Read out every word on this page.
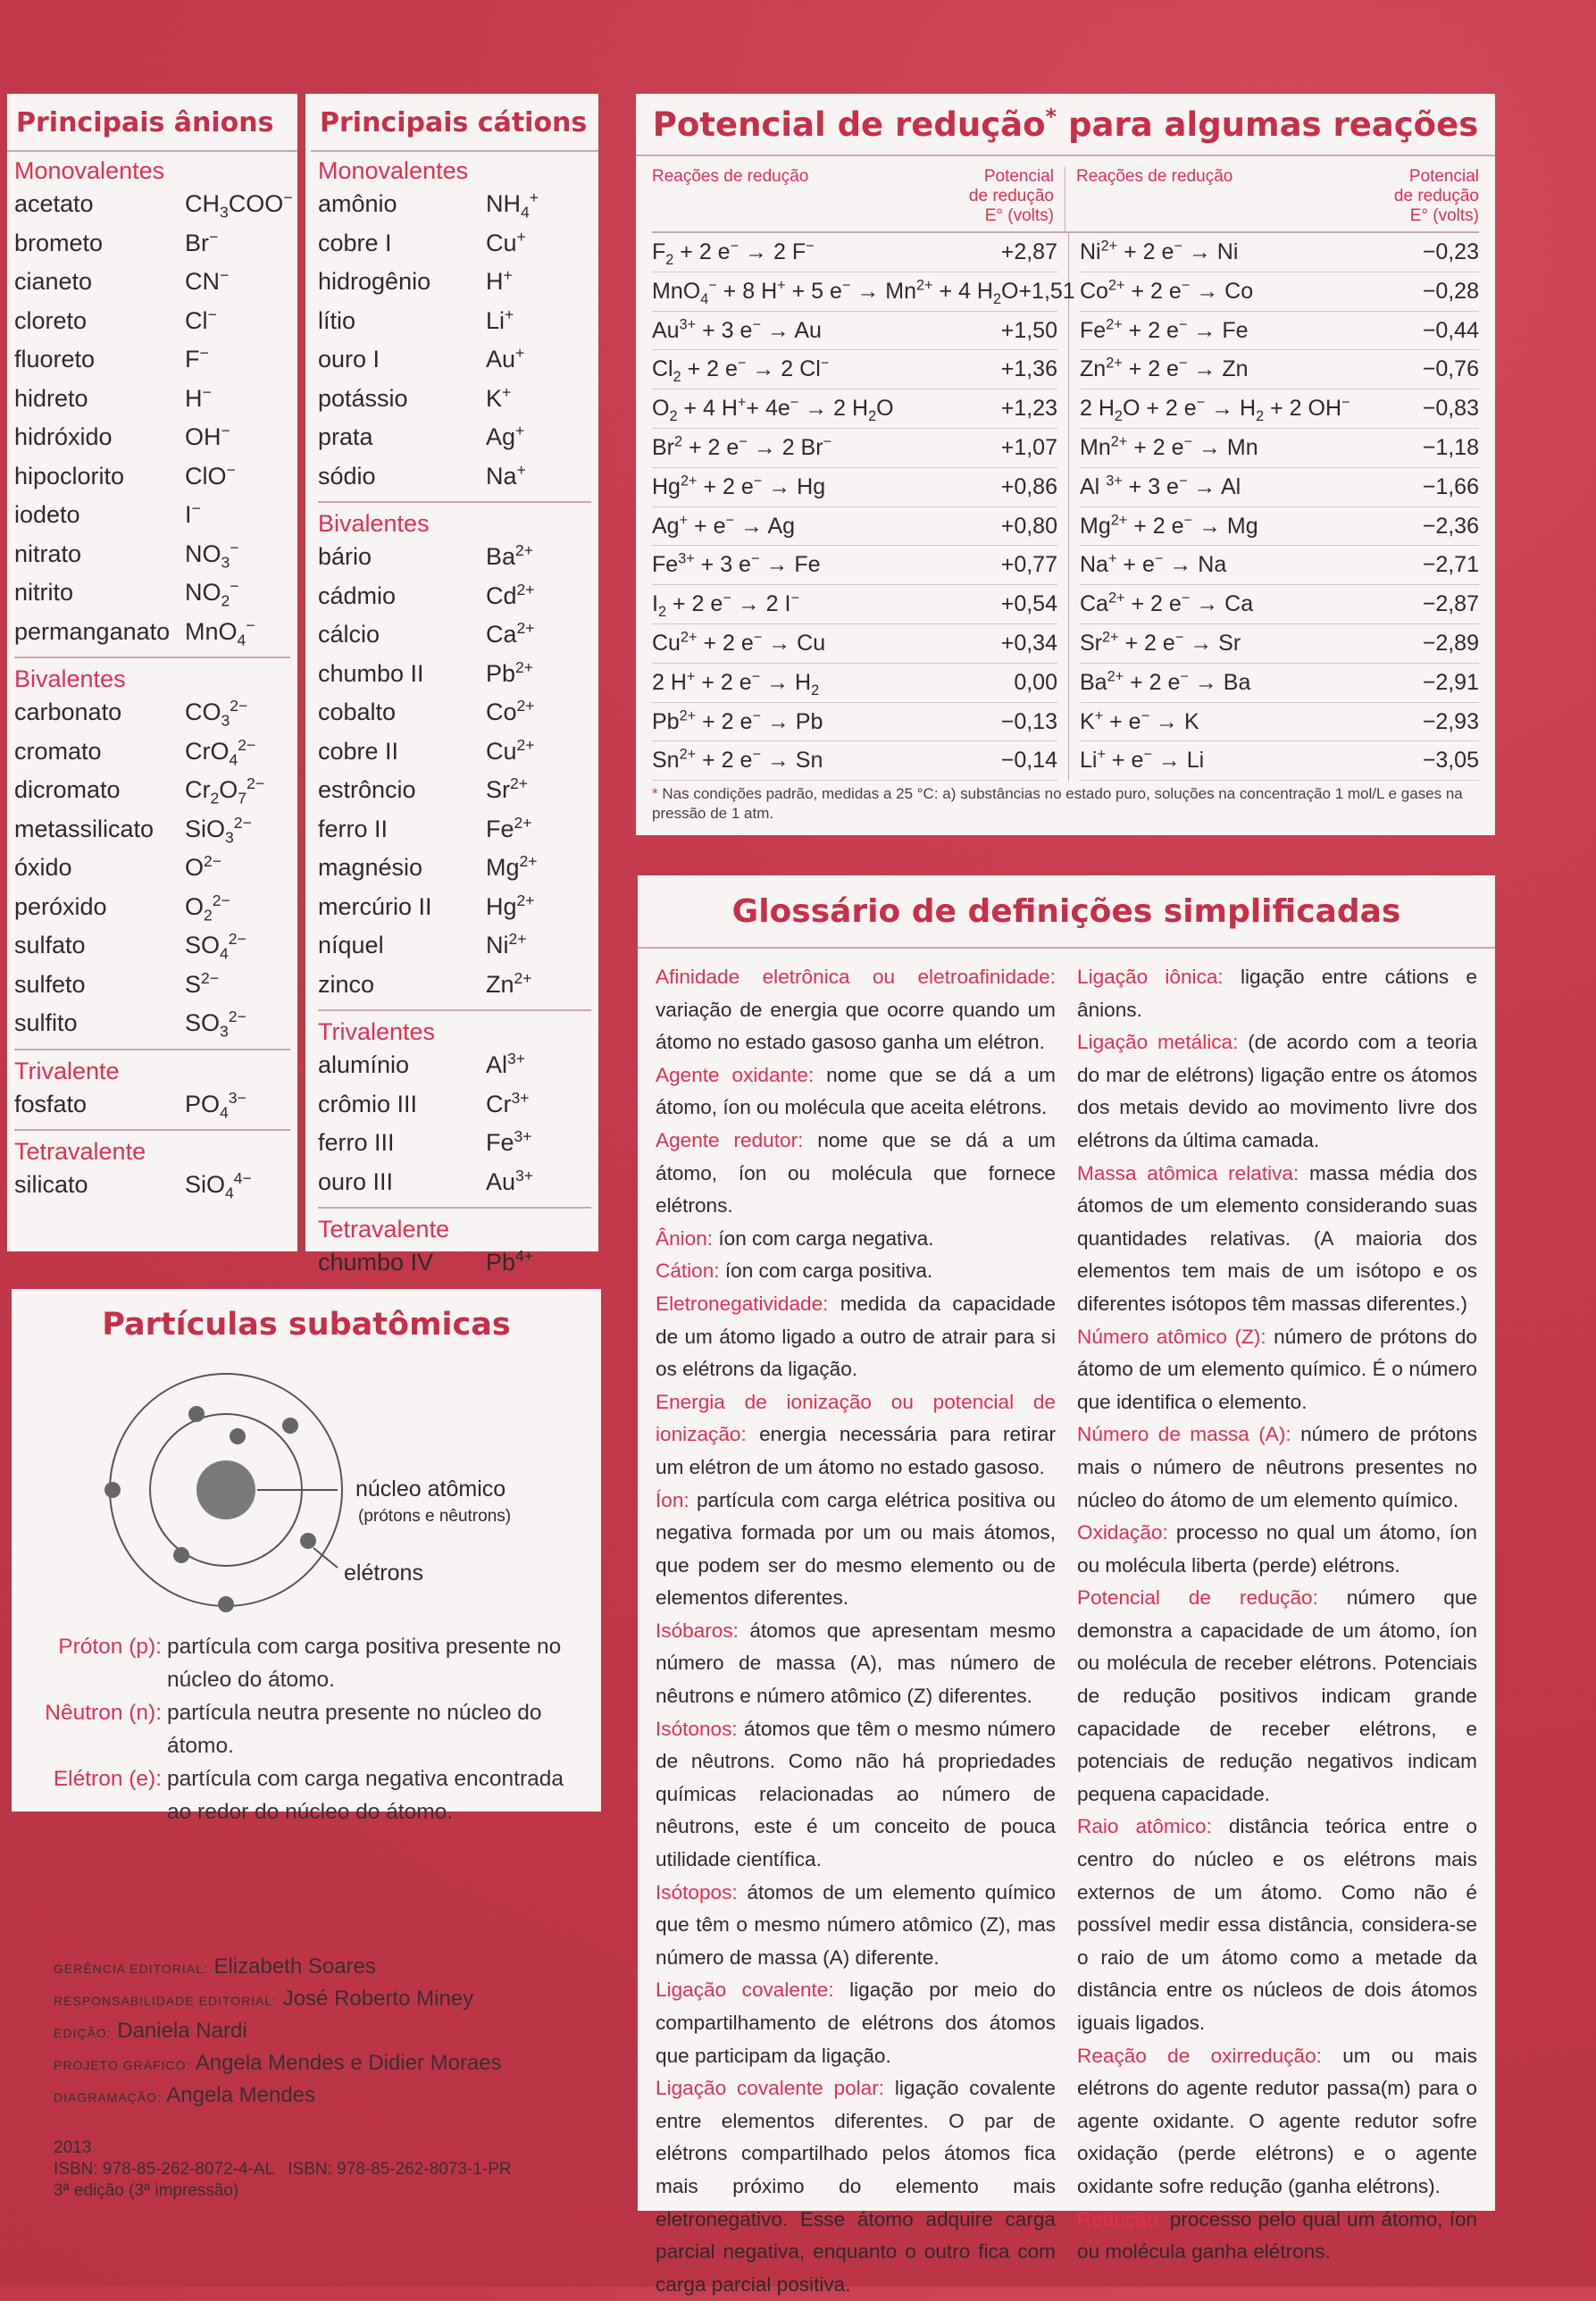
Principais ânions
Monovalentes
acetato	$CH_3COO^-$
brometo	Br−
cianeto	CN−
cloreto	Cl−
fluoreto	F−
hidreto	H−
hidróxido	OH−
hipoclorito	ClO−
iodeto	I−
nitrato	$NO_3^-$
nitrito	$NO_2^-$
permanganato MnO$_4$−
Bivalentes
carbonato	$CO_3^{2-}$
cromato	CrO$_4^{2-}$
dicromato	$Cr_2O_7^{2-}$
metassilicato SiO$_3^{2-}$
óxido	$O^{2-}$
peróxido	$O_2^{2-}$
sulfato	$SO_4^{2-}$
sulfeto	$S^{2-}$
sulfito	$SO_3^{2-}$
Trivalente
fosfato	$PO_4^{3-}$
Tetravalente
silicato	SiO$_4^{4-}$
Principais cátions
Monovalentes
amônio	$NH_4^+$
cobre I	Cu+
hidrogênio H+
lítio	Li+
ouro I	Au+
potássio	K+
prata	Ag+
sódio	Na+
Bivalentes
bário	$Ba^{2+}$
cádmio	$Cd^{2+}$
cálcio	$Ca^{2+}$
chumbo II	$Pb^{2+}$
cobalto	$Co^{2+}$
cobre II	$Cu^{2+}$
estrôncio	$Sr^{2+}$
ferro II	$Fe^{2+}$
magnésio	$Mg^{2+}$
mercúrio II $Hg^{2+}$
níquel	$Ni^{2+}$
zinco	$Zn^{2+}$
Trivalentes
alumínio	$Al^{3+}$
crômio III	$Cr^{3+}$
ferro III	$Fe^{3+}$
ouro III	$Au^{3+}$
Tetravalente
chumbo IV $Pb^{4+}$
Potencial de redução* para algumas reações
Reações de redução	Potencial
de redução
E° (volts)
Reações de redução	Potencial
de redução
E° (volts)
$F_2 + 2$ e− → 2 F−	+2,87
MnO$_4$− + 8 H+ + 5 $e^- \to Mn^{2+} + 4$ $H_2O +1,51$
$Au^{3+} + 3$ e− → Au	+1,50
$Cl_2 + 2$ e− → 2 Cl−	+1,36
$O_2 + 4$ H++ 4e− → 2 $H_2O$	+1,23
$Br^2 + 2$ e− → 2 Br−	+1,07
$Hg^{2+} + 2$ e− → Hg	+0,86
Ag+ + e− → Ag	+0,80
$Fe^{3+} + 3$ e− → Fe	+0,77
$I_2 + 2$ e− → 2 I−	+0,54
$Cu^{2+} + 2$ e− → Cu	+0,34
2 H+ + 2 $e^- \to H_2$	0,00
$Pb^{2+} + 2$ e− → Pb	−0,13
$Sn^{2+} + 2$ e− → Sn	−0,14
$Ni^{2+} + 2$ e− → Ni	−0,23
$Co^{2+} + 2$ e− → Co	−0,28
$Fe^{2+} + 2$ e− → Fe	−0,44
$Zn^{2+} + 2$ e− → Zn	−0,76
2 $H_2O + 2$ $e^- \to H_2 + 2$ OH−	−0,83
$Mn^{2+} + 2$ e− → Mn	−1,18
Al $^{3+}$ + 3 e− → Al	−1,66
$Mg^{2+} + 2$ e− → Mg	−2,36
Na+ + e− → Na	−2,71
$Ca^{2+} + 2$ e− → Ca	−2,87
$Sr^{2+} + 2$ e− → Sr	−2,89
$Ba^{2+} + 2$ e− → Ba	−2,91
K+ + e− → K	−2,93
Li+ + e− → Li	−3,05
* Nas condições padrão, medidas a 25 °C: a) substâncias no estado puro, soluções na concentração 1 mol/L e gases na pressão de 1 atm.
Partículas subatômicas
núcleo atômico
(prótons e nêutrons)
elétrons
Próton (p): partícula com carga positiva presente no núcleo do átomo.
Nêutron (n): partícula neutra presente no núcleo do átomo.
Elétron (e): partícula com carga negativa encontrada ao redor do núcleo do átomo.
Glossário de definições simplificadas

Afinidade eletrônica ou eletroafinidade: variação de energia que ocorre quando um átomo no estado gasoso ganha um elétron.

Agente oxidante: nome que se dá a um átomo, íon ou molécula que aceita elétrons.

Agente redutor: nome que se dá a um átomo, íon ou molécula que fornece elétrons.

Ânion: íon com carga negativa.

Cátion: íon com carga positiva.

Eletronegatividade: medida da capacidade de um átomo ligado a outro de atrair para si os elétrons da ligação.

Energia de ionização ou potencial de ionização: energia necessária para retirar um elétron de um átomo no estado gasoso.

Íon: partícula com carga elétrica positiva ou negativa formada por um ou mais átomos, que podem ser do mesmo elemento ou de elementos diferentes.

Isóbaros: átomos que apresentam mesmo número de massa (A), mas número de nêutrons e número atômico (Z) diferentes.

Isótonos: átomos que têm o mesmo número de nêutrons. Como não há propriedades químicas relacionadas ao número de nêutrons, este é um conceito de pouca utilidade científica.

Isótopos: átomos de um elemento químico que têm o mesmo número atômico (Z), mas número de massa (A) diferente.

Ligação covalente: ligação por meio do compartilhamento de elétrons dos átomos que participam da ligação.

Ligação covalente polar: ligação covalente entre elementos diferentes. O par de elétrons compartilhado pelos átomos fica mais próximo do elemento mais eletronegativo. Esse átomo adquire carga parcial negativa, enquanto o outro fica com carga parcial positiva.

Ligação iônica: ligação entre cátions e ânions.

Ligação metálica: (de acordo com a teoria do mar de elétrons) ligação entre os átomos dos metais devido ao movimento livre dos elétrons da última camada.

Massa atômica relativa: massa média dos átomos de um elemento considerando suas quantidades relativas. (A maioria dos elementos tem mais de um isótopo e os diferentes isótopos têm massas diferentes.)

Número atômico (Z): número de prótons do átomo de um elemento químico. É o número que identifica o elemento.

Número de massa (A): número de prótons mais o número de nêutrons presentes no núcleo do átomo de um elemento químico.

Oxidação: processo no qual um átomo, íon ou molécula liberta (perde) elétrons.

Potencial de redução: número que demonstra a capacidade de um átomo, íon ou molécula de receber elétrons. Potenciais de redução positivos indicam grande capacidade de receber elétrons, e potenciais de redução negativos indicam pequena capacidade.

Raio atômico: distância teórica entre o centro do núcleo e os elétrons mais externos de um átomo. Como não é possível medir essa distância, considera-se o raio de um átomo como a metade da distância entre os núcleos de dois átomos iguais ligados.

Reação de oxirredução: um ou mais elétrons do agente redutor passa(m) para o agente oxidante. O agente redutor sofre oxidação (perde elétrons) e o agente oxidante sofre redução (ganha elétrons).

Redução: processo pelo qual um átomo, íon ou molécula ganha elétrons.

GERÊNCIA EDITORIAL: Elizabeth Soares
RESPONSABILIDADE EDITORIAL: José Roberto Miney
EDIÇÃO: Daniela Nardi
PROJETO GRÁFICO: Angela Mendes e Didier Moraes
DIAGRAMAÇÃO: Angela Mendes
2013
ISBN: 978-85-262-8072-4-AL   ISBN: 978-85-262-8073-1-PR
3ª edição (3ª impressão)
